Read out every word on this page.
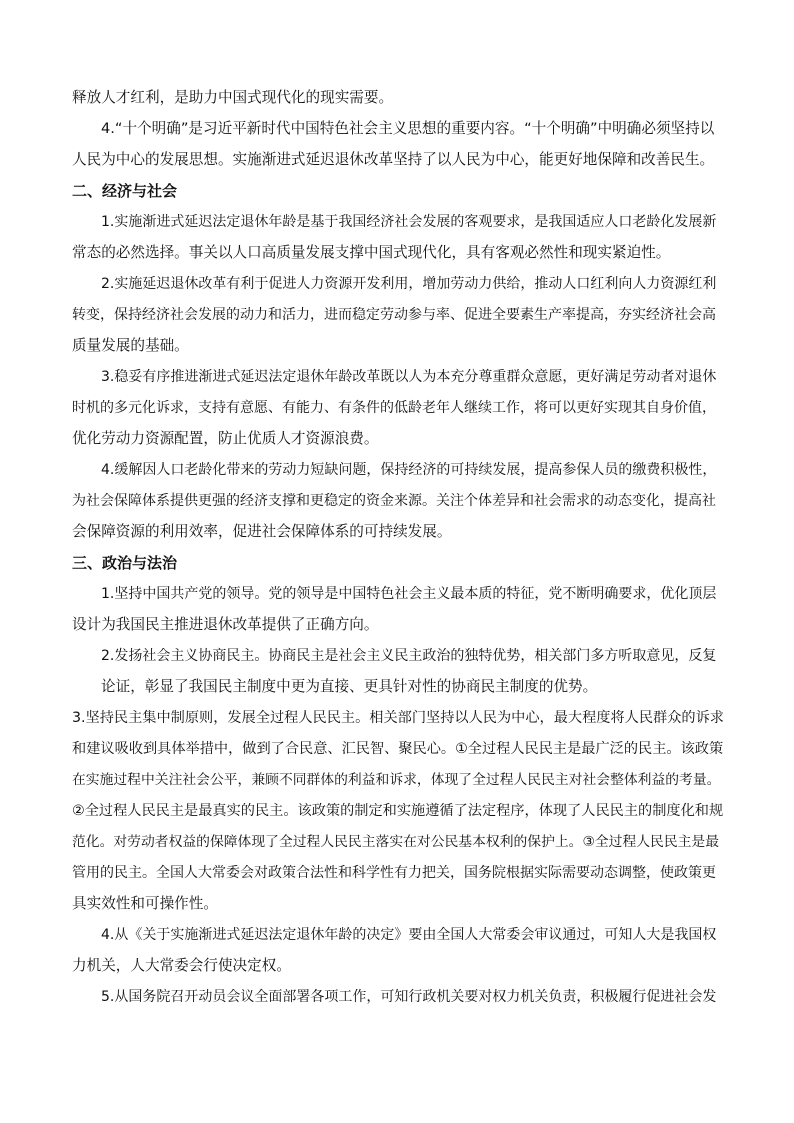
释放人才红利，是助力中国式现代化的现实需要。
4.“十个明确”是习近平新时代中国特色社会主义思想的重要内容。“十个明确”中明确必须坚持以
人民为中心的发展思想。实施渐进式延迟退休改革坚持了以人民为中心，能更好地保障和改善民生。
二、经济与社会
1.实施渐进式延迟法定退休年龄是基于我国经济社会发展的客观要求，是我国适应人口老龄化发展新
常态的必然选择。事关以人口高质量发展支撑中国式现代化，具有客观必然性和现实紧迫性。
2.实施延迟退休改革有利于促进人力资源开发利用，增加劳动力供给，推动人口红利向人力资源红利
转变，保持经济社会发展的动力和活力，进而稳定劳动参与率、促进全要素生产率提高，夯实经济社会高
质量发展的基础。
3.稳妥有序推进渐进式延迟法定退休年龄改革既以人为本充分尊重群众意愿，更好满足劳动者对退休
时机的多元化诉求，支持有意愿、有能力、有条件的低龄老年人继续工作，将可以更好实现其自身价值，
优化劳动力资源配置，防止优质人才资源浪费。
4.缓解因人口老龄化带来的劳动力短缺问题，保持经济的可持续发展，提高参保人员的缴费积极性，
为社会保障体系提供更强的经济支撑和更稳定的资金来源。关注个体差异和社会需求的动态变化，提高社
会保障资源的利用效率，促进社会保障体系的可持续发展。
三、政治与法治
1.坚持中国共产党的领导。党的领导是中国特色社会主义最本质的特征，党不断明确要求，优化顶层
设计为我国民主推进退休改革提供了正确方向。
2.发扬社会主义协商民主。协商民主是社会主义民主政治的独特优势，相关部门多方听取意见，反复
论证，彰显了我国民主制度中更为直接、更具针对性的协商民主制度的优势。
3.坚持民主集中制原则，发展全过程人民民主。相关部门坚持以人民为中心，最大程度将人民群众的诉求
和建议吸收到具体举措中，做到了合民意、汇民智、聚民心。①全过程人民民主是最广泛的民主。该政策
在实施过程中关注社会公平，兼顾不同群体的利益和诉求，体现了全过程人民民主对社会整体利益的考量。
②全过程人民民主是最真实的民主。该政策的制定和实施遵循了法定程序，体现了人民民主的制度化和规
范化。对劳动者权益的保障体现了全过程人民民主落实在对公民基本权利的保护上。③全过程人民民主是最
管用的民主。全国人大常委会对政策合法性和科学性有力把关，国务院根据实际需要动态调整，使政策更
具实效性和可操作性。
4.从《关于实施渐进式延迟法定退休年龄的决定》要由全国人大常委会审议通过，可知人大是我国权
力机关，人大常委会行使决定权。
5.从国务院召开动员会议全面部署各项工作，可知行政机关要对权力机关负责，积极履行促进社会发
